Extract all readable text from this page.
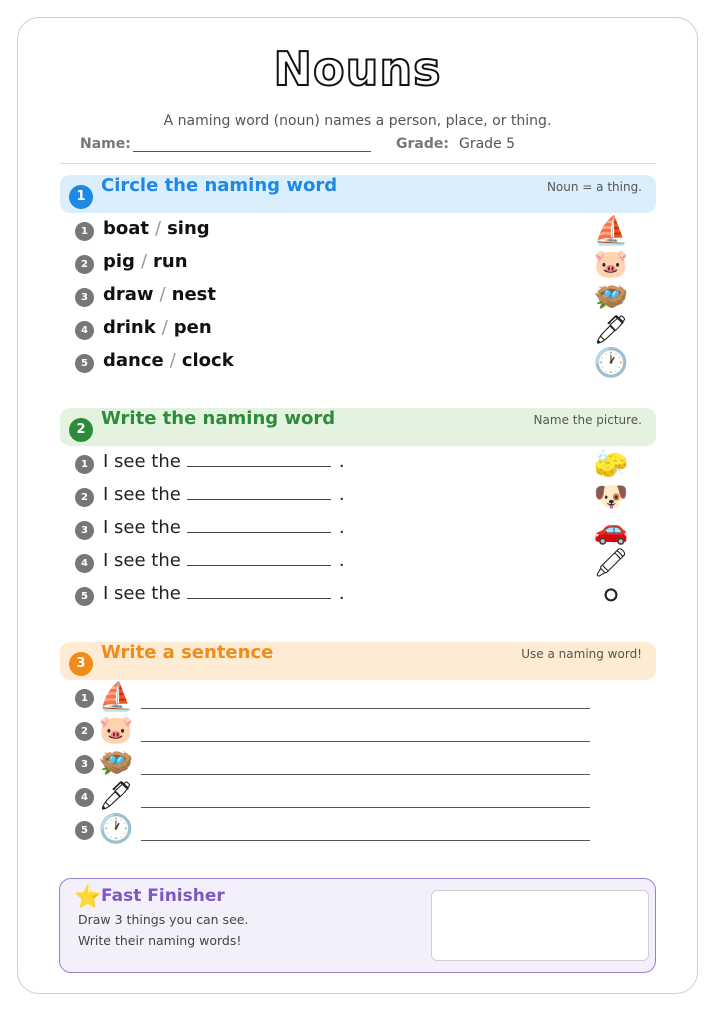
Nouns
A naming word (noun) names a person, place, or thing.
Name:	Grade: Grade 5
1
Circle the naming word	Noun = a thing.
1 boat / sing	⛵
2 pig / run	🐷
3 draw / nest	🪺
4 drink / pen	🖊
5 dance / clock	🕐
2
Write the naming word	Name the picture.
1 I see the	.	🧽
2 I see the	.	🐶
3 I see the	.	🚗
4 I see the	.	🖍
5 I see the	.	⚪
3
Write a sentence	Use a naming word!
1 ⛵
2 🐷
3 🪺
4 🖊
5 🕐
⭐ Fast Finisher
Draw 3 things you can see.
Write their naming words!
